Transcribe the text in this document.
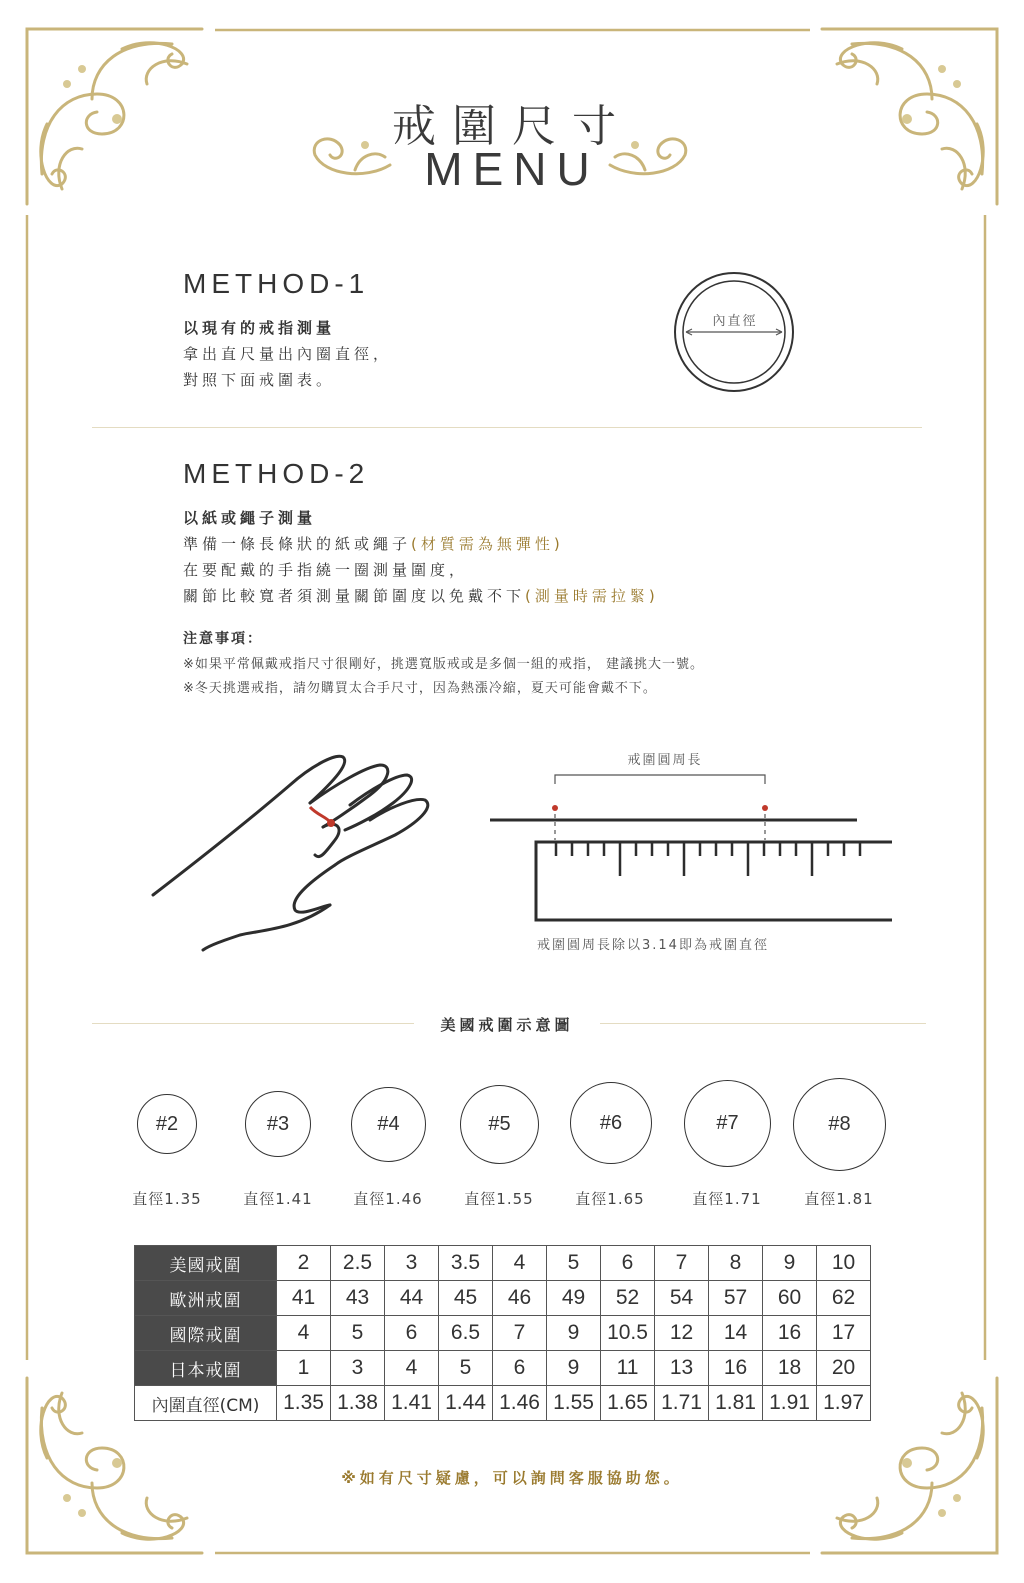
戒圍尺寸
MENU
METHOD-1
以現有的戒指測量
拿出直尺量出內圈直徑，
對照下面戒圍表。
內直徑
METHOD-2
以紙或繩子測量
準備一條長條狀的紙或繩子(材質需為無彈性)
在要配戴的手指繞一圈測量圍度，
關節比較寬者須測量關節圍度以免戴不下(測量時需拉緊)
注意事項：
※如果平常佩戴戒指尺寸很剛好，挑選寬版戒或是多個一組的戒指， 建議挑大一號。
※冬天挑選戒指，請勿購買太合手尺寸，因為熱漲冷縮，夏天可能會戴不下。
戒圍圓周長
戒圍圓周長除以3.14即為戒圍直徑
美國戒圍示意圖
#2	#3	#4	#5	#6	#7	#8
直徑1.35	直徑1.41	直徑1.46	直徑1.55	直徑1.65	直徑1.71	直徑1.81
美國戒圍	2	2.5	3	3.5	4	5	6	7	8	9	10
歐洲戒圍	41	43	44	45	46	49	52	54	57	60	62
國際戒圍	4	5	6	6.5	7	9	10.5	12	14	16	17
日本戒圍	1	3	4	5	6	9	11	13	16	18	20
內圍直徑(CM)	1.35	1.38	1.41	1.44	1.46	1.55	1.65	1.71	1.81	1.91	1.97
※如有尺寸疑慮，可以詢問客服協助您。
